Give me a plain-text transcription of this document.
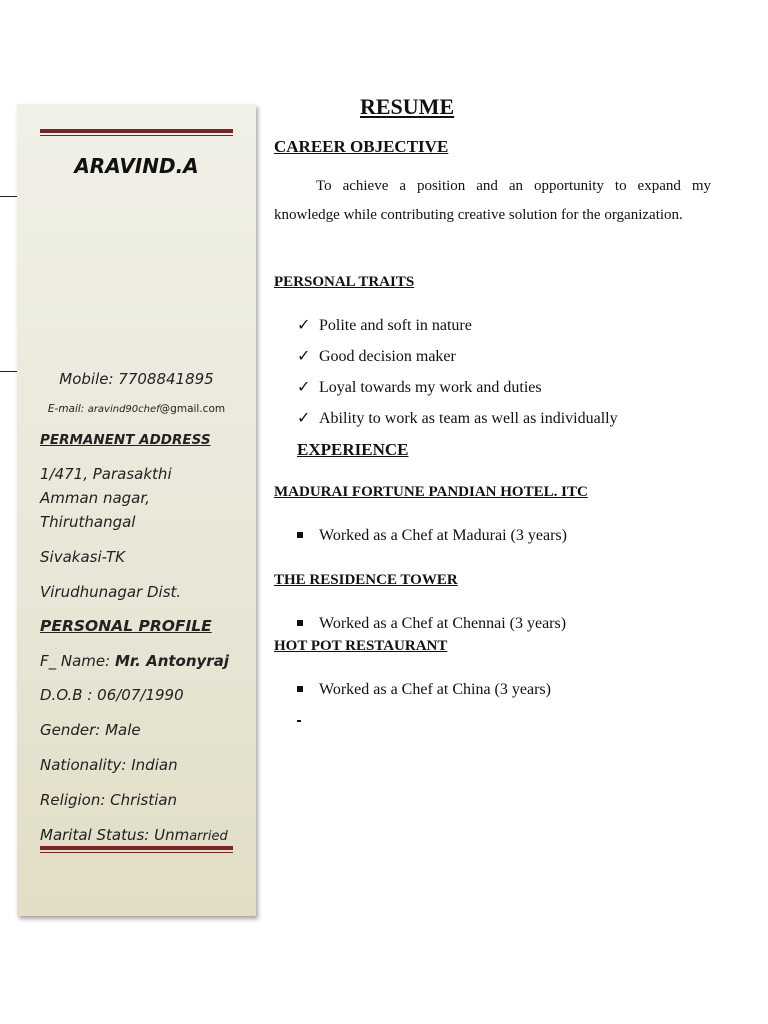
ARAVIND.A
Mobile: 7708841895
E-mail: aravind90chef@gmail.com
PERMANENT ADDRESS
1/471, Parasakthi
Amman nagar,
Thiruthangal
Sivakasi-TK
Virudhunagar Dist.
PERSONAL PROFILE
F_ Name: Mr. Antonyraj
D.O.B : 06/07/1990
Gender: Male
Nationality: Indian
Religion: Christian
Marital Status: Unmarried
RESUME
CAREER OBJECTIVE
To achieve a position and an opportunity to expand my knowledge while contributing creative solution for the organization.
PERSONAL TRAITS
✓ Polite and soft in nature
✓ Good decision maker
✓ Loyal towards my work and duties
✓ Ability to work as team as well as individually
EXPERIENCE
MADURAI FORTUNE PANDIAN HOTEL. ITC
Worked as a Chef at Madurai (3 years)
THE RESIDENCE TOWER
Worked as a Chef at Chennai (3 years)
HOT POT RESTAURANT
Worked as a Chef at China (3 years)
